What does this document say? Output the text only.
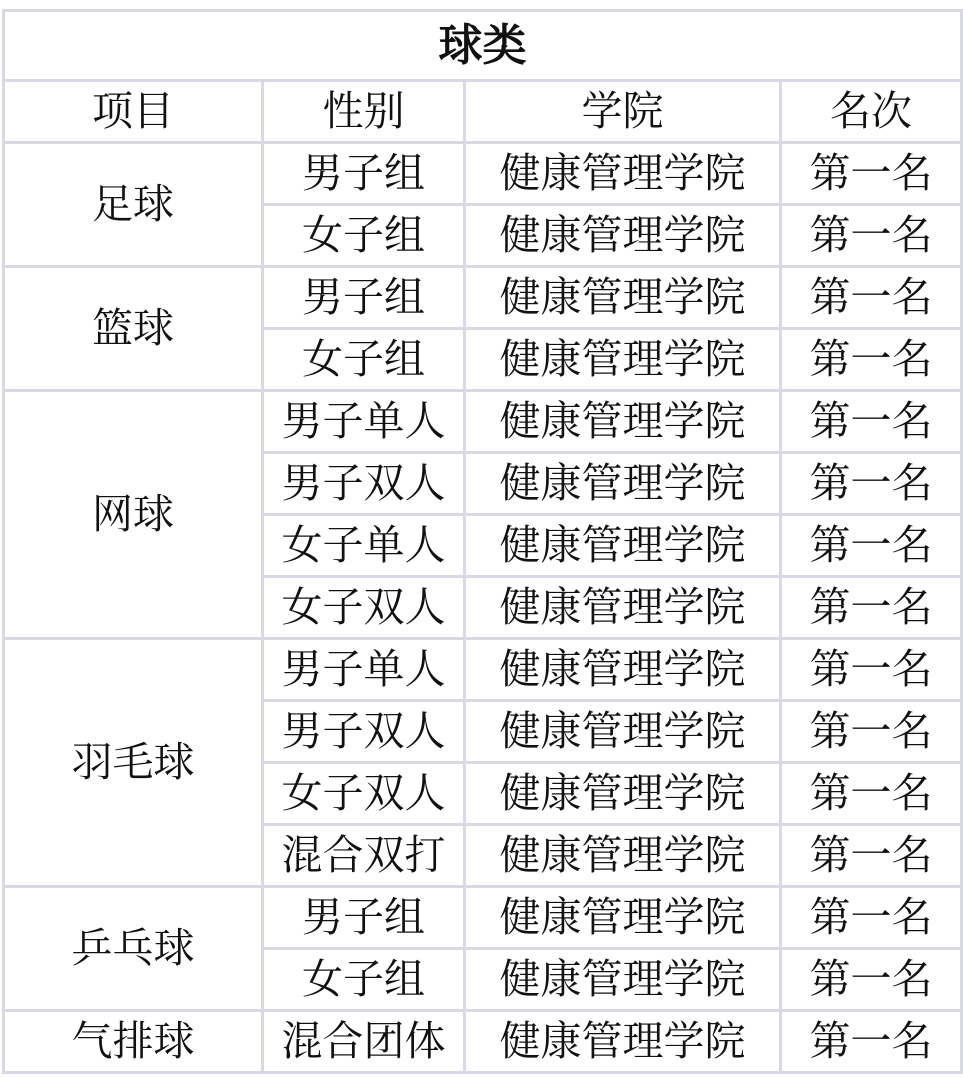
球类			
项目	性别	学院	名次
足球	男子组	健康管理学院	第一名
	女子组	健康管理学院	第一名
篮球	男子组	健康管理学院	第一名
	女子组	健康管理学院	第一名
网球	男子单人	健康管理学院	第一名
	男子双人	健康管理学院	第一名
	女子单人	健康管理学院	第一名
	女子双人	健康管理学院	第一名
羽毛球	男子单人	健康管理学院	第一名
	男子双人	健康管理学院	第一名
	女子双人	健康管理学院	第一名
	混合双打	健康管理学院	第一名
乒乓球	男子组	健康管理学院	第一名
	女子组	健康管理学院	第一名
气排球	混合团体	健康管理学院	第一名
